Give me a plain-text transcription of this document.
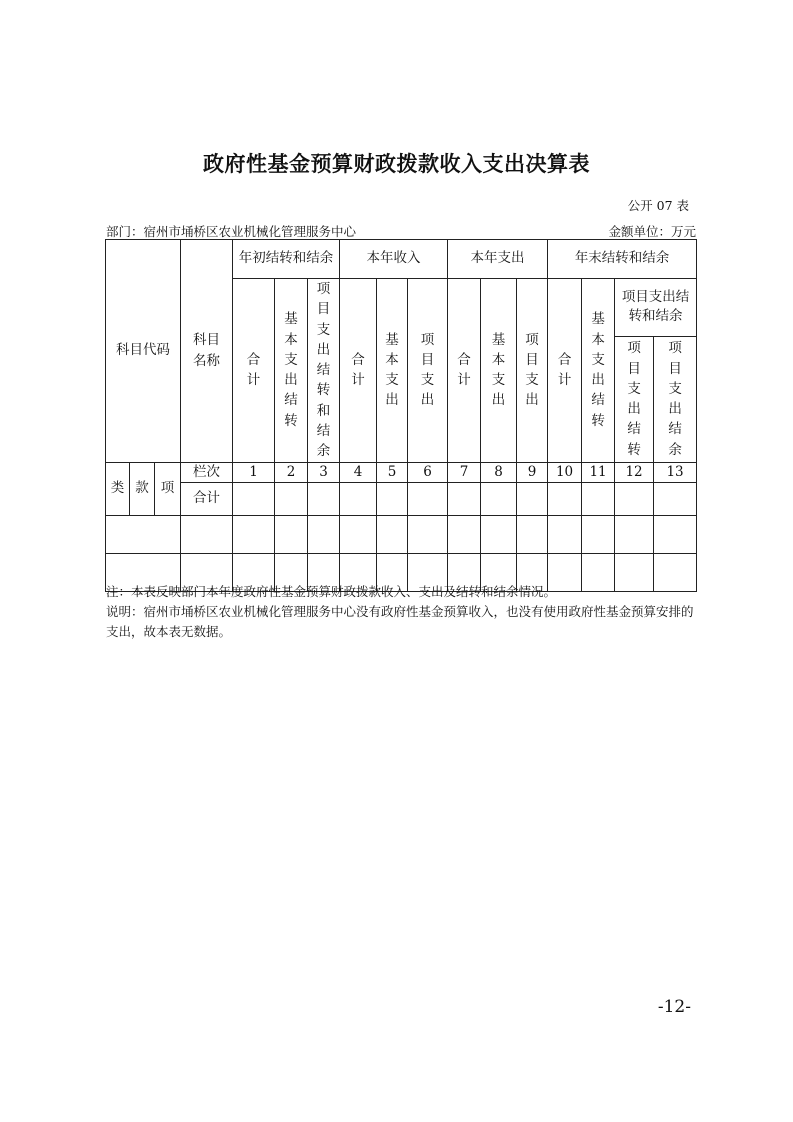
政府性基金预算财政拨款收入支出决算表
公开 07 表
部门：宿州市埇桥区农业机械化管理服务中心	金额单位：万元
科目代码			科目名称	年初结转和结余			本年收入			本年支出			年末结转和结余			
				合计	基本支出结转	项目支出结转和结余	合计	基本支出	项目支出	合计	基本支出	项目支出	合计	基本支出结转	项目支出结转和结余	
															项目支出结转	项目支出结余
类	款	项	栏次	1	2	3	4	5	6	7	8	9	10	11	12	13
			合计													

注：本表反映部门本年度政府性基金预算财政拨款收入、支出及结转和结余情况。

说明：宿州市埇桥区农业机械化管理服务中心没有政府性基金预算收入，也没有使用政府性基金预算安排的支出，故本表无数据。

-12-
